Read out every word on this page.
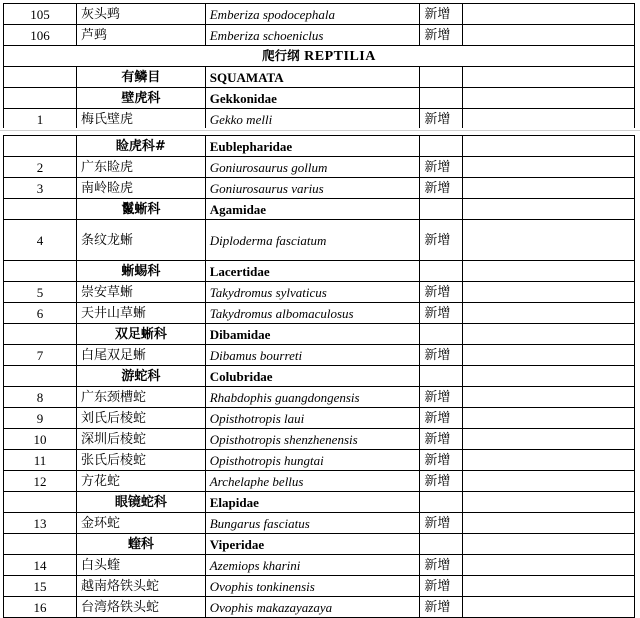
105	灰头鹀	Emberiza spodocephala	新增	
106	芦鹀	Emberiza schoeniclus	新增	
爬行纲 REPTILIA				
	有鳞目	SQUAMATA		
	壁虎科	Gekkonidae		
1	梅氏壁虎	Gekko melli	新增	
	睑虎科#	Eublepharidae		
2	广东睑虎	Goniurosaurus gollum	新增	
3	南岭睑虎	Goniurosaurus varius	新增	
	鬣蜥科	Agamidae		
4	条纹龙蜥	Diploderma fasciatum	新增	
	蜥蜴科	Lacertidae		
5	崇安草蜥	Takydromus sylvaticus	新增	
6	天井山草蜥	Takydromus albomaculosus	新增	
	双足蜥科	Dibamidae		
7	白尾双足蜥	Dibamus bourreti	新增	
	游蛇科	Colubridae		
8	广东颈槽蛇	Rhabdophis guangdongensis	新增	
9	刘氏后棱蛇	Opisthotropis laui	新增	
10	深圳后棱蛇	Opisthotropis shenzhenensis	新增	
11	张氏后棱蛇	Opisthotropis hungtai	新增	
12	方花蛇	Archelaphe bellus	新增	
	眼镜蛇科	Elapidae		
13	金环蛇	Bungarus fasciatus	新增	
	蝰科	Viperidae		
14	白头蝰	Azemiops kharini	新增	
15	越南烙铁头蛇	Ovophis tonkinensis	新增	
16	台湾烙铁头蛇	Ovophis makazayazaya	新增	
